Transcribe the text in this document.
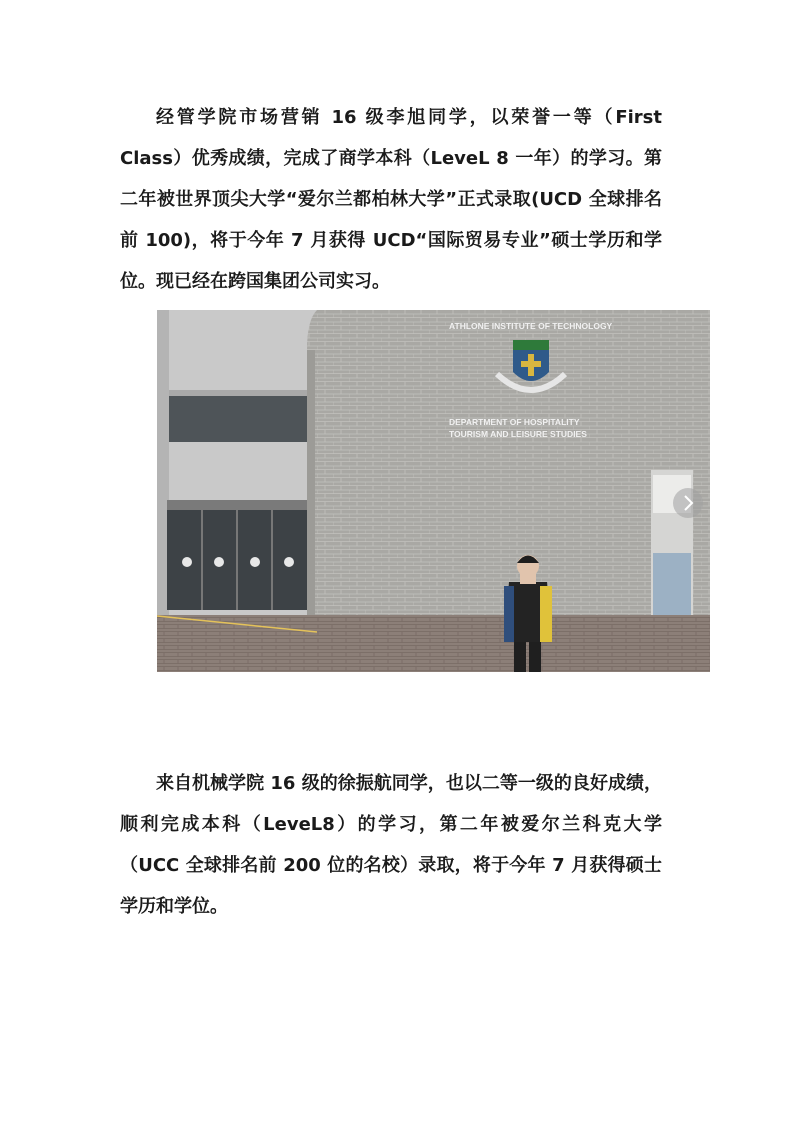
经管学院市场营销 16 级李旭同学，以荣誉一等（First Class）优秀成绩，完成了商学本科（LeveL 8 一年）的学习。第二年被世界顶尖大学“爱尔兰都柏林大学”正式录取(UCD 全球排名前 100)，将于今年 7 月获得 UCD“国际贸易专业”硕士学历和学位。现已经在跨国集团公司实习。

ATHLONE INSTITUTE OF TECHNOLOGY
DEPARTMENT OF HOSPITALITY
TOURISM AND LEISURE STUDIES

来自机械学院 16 级的徐振航同学，也以二等一级的良好成绩，顺利完成本科（LeveL8）的学习，第二年被爱尔兰科克大学（UCC 全球排名前 200 位的名校）录取，将于今年 7 月获得硕士学历和学位。
